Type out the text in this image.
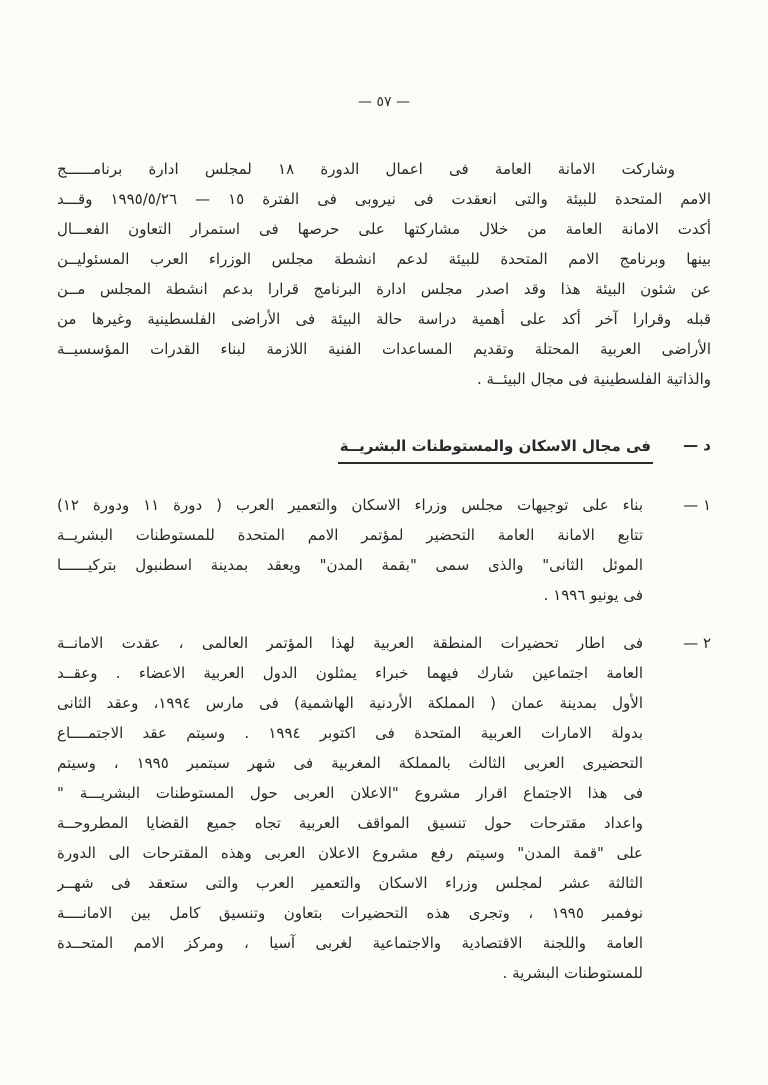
— ٥٧ —
وشاركت الامانة العامة فى اعمال الدورة ١٨ لمجلس ادارة برنامــــــج
الامم المتحدة للبيئة والتى انعقدت فى نيروبى فى الفترة ١٥ — ١٩٩٥/٥/٢٦ وقـــد
أكدت الامانة العامة من خلال مشاركتها على حرصها فى استمرار التعاون الفعـــال
بينها وبرنامج الامم المتحدة للبيئة لدعم انشطة مجلس الوزراء العرب المسئوليــن
عن شئون البيئة هذا وقد اصدر مجلس ادارة البرنامج قرارا بدعم انشطة المجلس مــن
قبله وقرارا آخر أكد على أهمية دراسة حالة البيئة فى الأراضى الفلسطينية وغيرها من
الأراضى العربية المحتلة وتقديم المساعدات الفنية اللازمة لبناء القدرات المؤسسيــة
والذاتية الفلسطينية فى مجال البيئــة .
د —
فى مجال الاسكان والمستوطنات البشريــة
١ —
بناء على توجيهات مجلس وزراء الاسكان والتعمير العرب ( دورة ١١ ودورة ١٢)
تتابع الامانة العامة التحضير لمؤتمر الامم المتحدة للمستوطنات البشريــة
الموئل الثانى" والذى سمى "بقمة المدن" ويعقد بمدينة اسطنبول بتركيــــــا
فى يونيو ١٩٩٦ .
٢ —
فى اطار تحضيرات المنطقة العربية لهذا المؤتمر العالمى ، عقدت الامانــة
العامة اجتماعين شارك فيهما خبراء يمثلون الدول العربية الاعضاء . وعقــد
الأول بمدينة عمان ( المملكة الأردنية الهاشمية) فى مارس ١٩٩٤، وعقد الثانى
بدولة الامارات العربية المتحدة فى اكتوبر ١٩٩٤ . وسيتم عقد الاجتمــــاع
التحضيرى العربى الثالث بالمملكة المغربية فى شهر سبتمبر ١٩٩٥ ، وسيتم
فى هذا الاجتماع اقرار مشروع "الاعلان العربى حول المستوطنات البشريـــة "
واعداد مقترحات حول تنسيق المواقف العربية تجاه جميع القضايا المطروحــة
على "قمة المدن" وسيتم رفع مشروع الاعلان العربى وهذه المقترحات الى الدورة
الثالثة عشر لمجلس وزراء الاسكان والتعمير العرب والتى ستعقد فى شهــر
نوفمبر ١٩٩٥ ، وتجرى هذه التحضيرات بتعاون وتنسيق كامل بين الامانــــة
العامة واللجنة الاقتصادية والاجتماعية لغربى آسيا ، ومركز الامم المتحــدة
للمستوطنات البشرية .
